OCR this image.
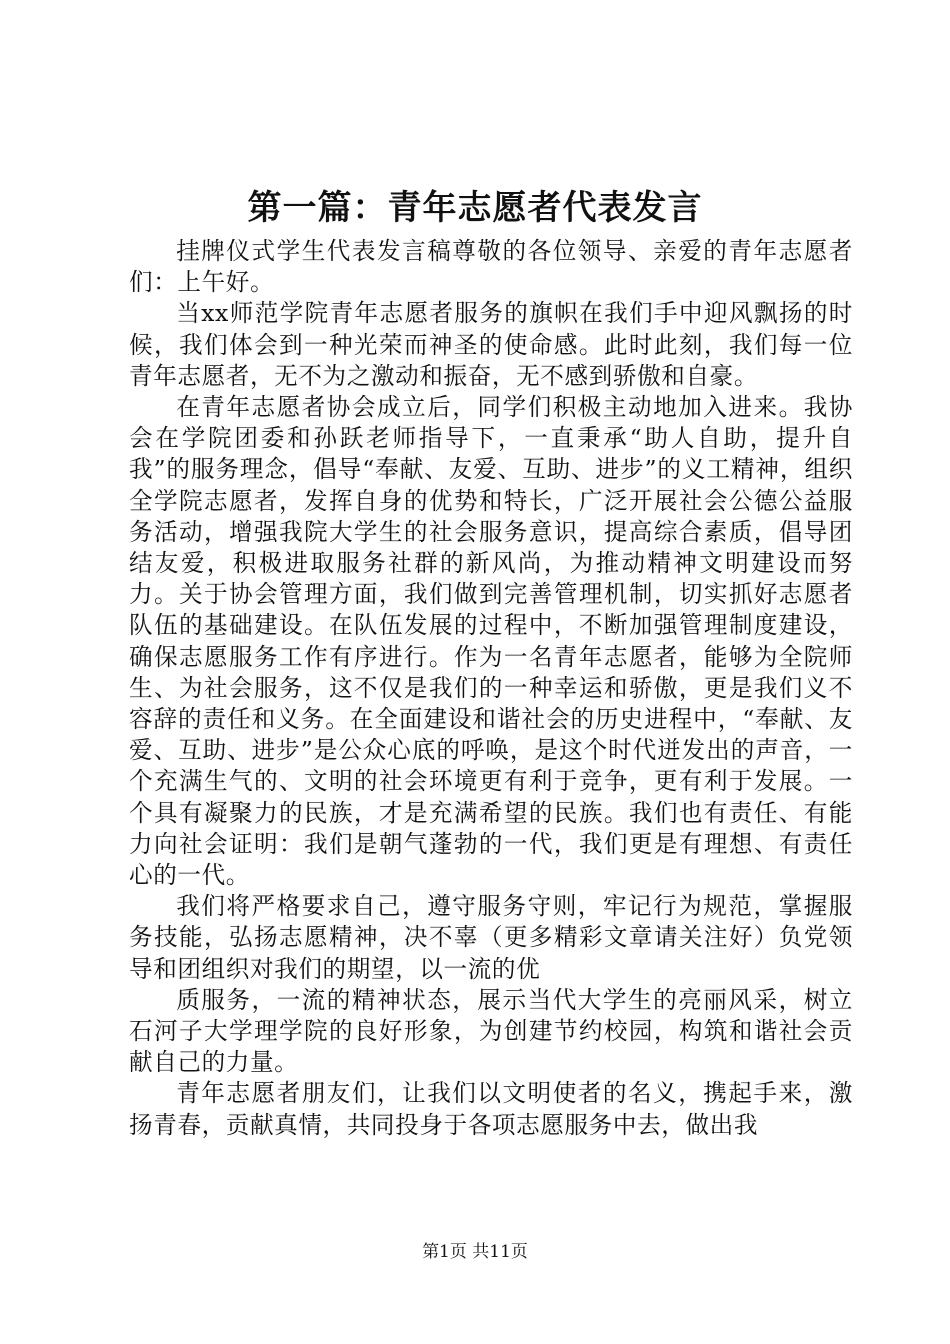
第一篇：青年志愿者代表发言

挂牌仪式学生代表发言稿尊敬的各位领导、亲爱的青年志愿者们：上午好。

当xx师范学院青年志愿者服务的旗帜在我们手中迎风飘扬的时候，我们体会到一种光荣而神圣的使命感。此时此刻，我们每一位青年志愿者，无不为之激动和振奋，无不感到骄傲和自豪。

在青年志愿者协会成立后，同学们积极主动地加入进来。我协会在学院团委和孙跃老师指导下，一直秉承“助人自助，提升自我”的服务理念，倡导“奉献、友爱、互助、进步”的义工精神，组织全学院志愿者，发挥自身的优势和特长，广泛开展社会公德公益服务活动，增强我院大学生的社会服务意识，提高综合素质，倡导团结友爱，积极进取服务社群的新风尚，为推动精神文明建设而努力。关于协会管理方面，我们做到完善管理机制，切实抓好志愿者队伍的基础建设。在队伍发展的过程中，不断加强管理制度建设，确保志愿服务工作有序进行。作为一名青年志愿者，能够为全院师生、为社会服务，这不仅是我们的一种幸运和骄傲，更是我们义不容辞的责任和义务。在全面建设和谐社会的历史进程中，“奉献、友爱、互助、进步”是公众心底的呼唤，是这个时代迸发出的声音，一个充满生气的、文明的社会环境更有利于竞争，更有利于发展。一个具有凝聚力的民族，才是充满希望的民族。我们也有责任、有能力向社会证明：我们是朝气蓬勃的一代，我们更是有理想、有责任心的一代。

我们将严格要求自己，遵守服务守则，牢记行为规范，掌握服务技能，弘扬志愿精神，决不辜（更多精彩文章请关注好）负党领导和团组织对我们的期望，以一流的优

质服务，一流的精神状态，展示当代大学生的亮丽风采，树立石河子大学理学院的良好形象，为创建节约校园，构筑和谐社会贡献自己的力量。

青年志愿者朋友们，让我们以文明使者的名义，携起手来，激扬青春，贡献真情，共同投身于各项志愿服务中去，做出我

第1页 共11页
